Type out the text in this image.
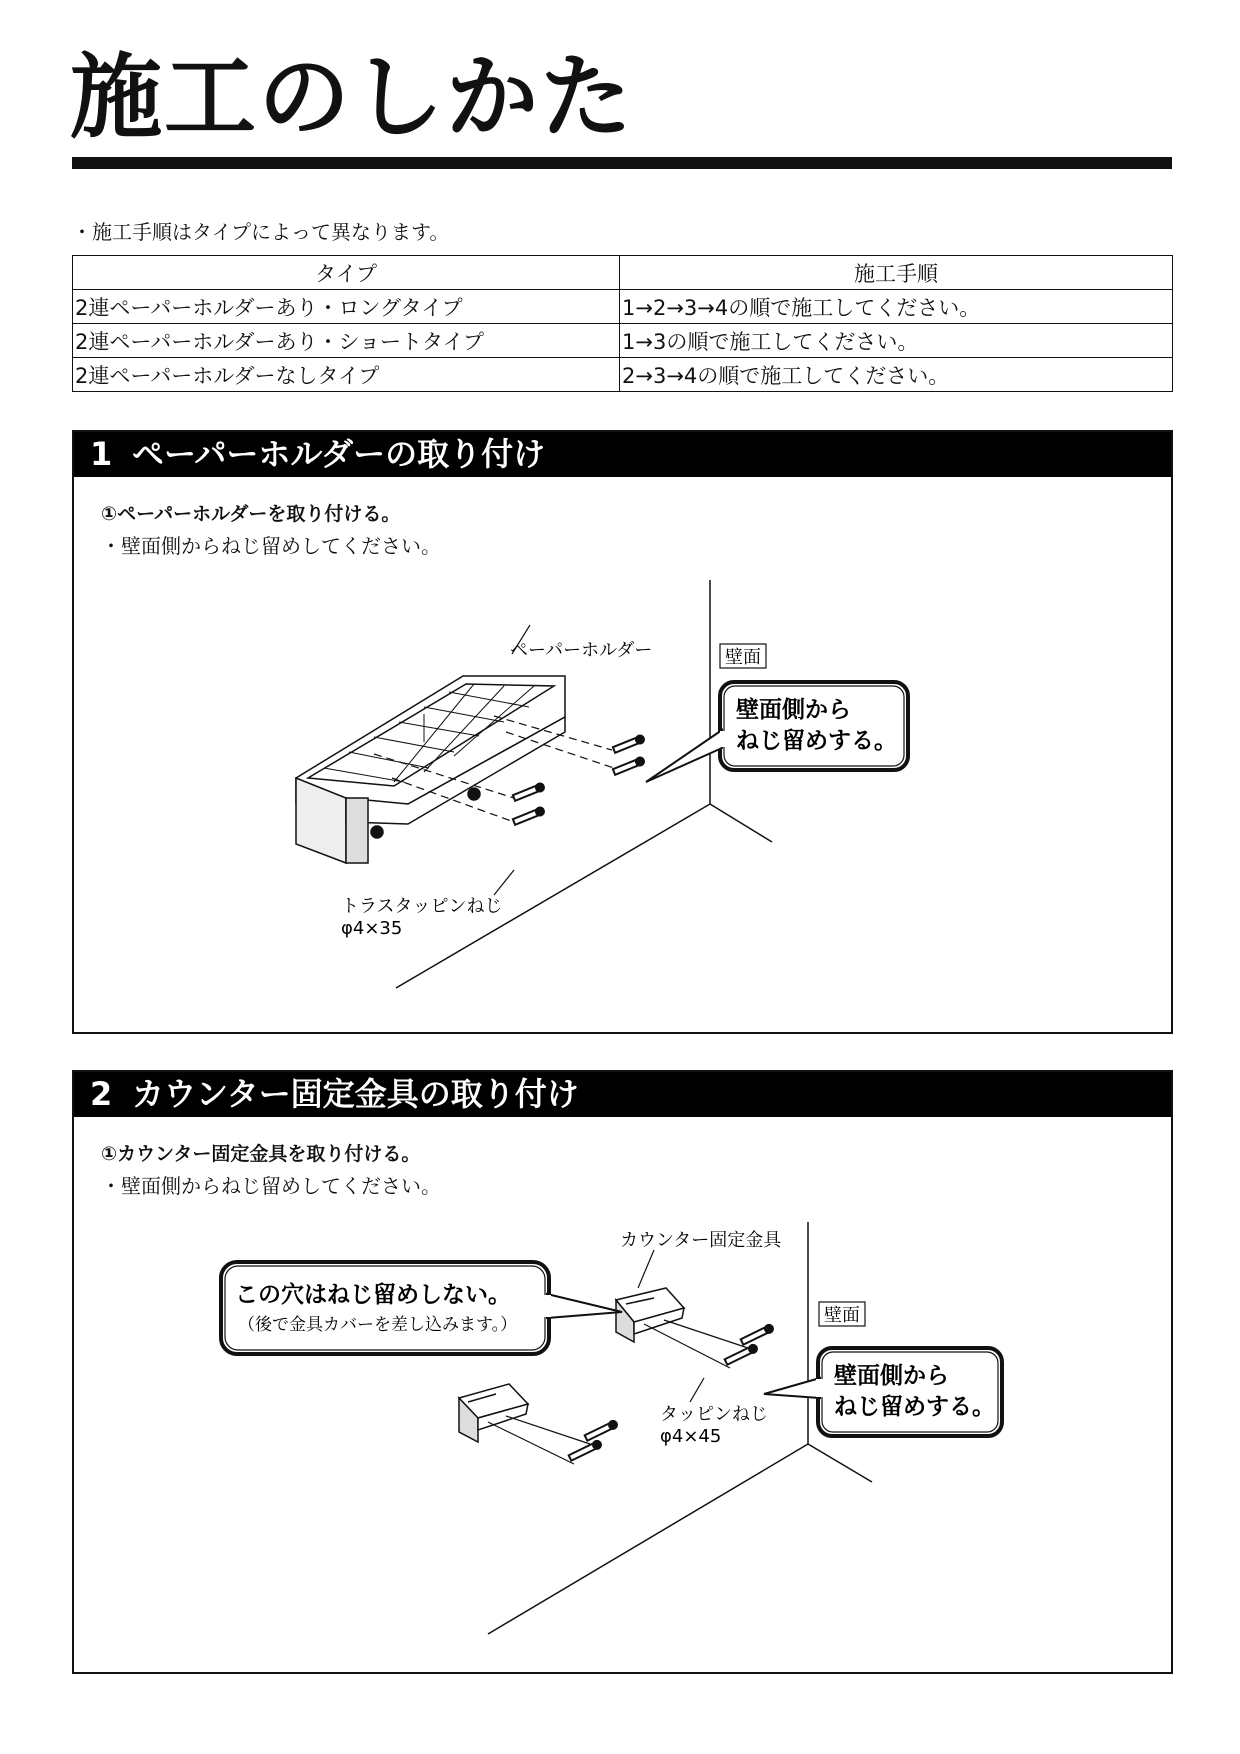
施工のしかた
・施工手順はタイプによって異なります。
タイプ	施工手順
2連ペーパーホルダーあり・ロングタイプ	1→2→3→4の順で施工してください。
2連ペーパーホルダーあり・ショートタイプ	1→3の順で施工してください。
2連ペーパーホルダーなしタイプ	2→3→4の順で施工してください。
1 ペーパーホルダーの取り付け
①ペーパーホルダーを取り付ける。
・壁面側からねじ留めしてください。
ペーパーホルダー	壁面
壁面側から
ねじ留めする。
トラスタッピンねじ
φ4×35
2 カウンター固定金具の取り付け
①カウンター固定金具を取り付ける。
・壁面側からねじ留めしてください。
カウンター固定金具
壁面
この穴はねじ留めしない。
（後で金具カバーを差し込みます。）
壁面側から
ねじ留めする。
タッピンねじ
φ4×45
